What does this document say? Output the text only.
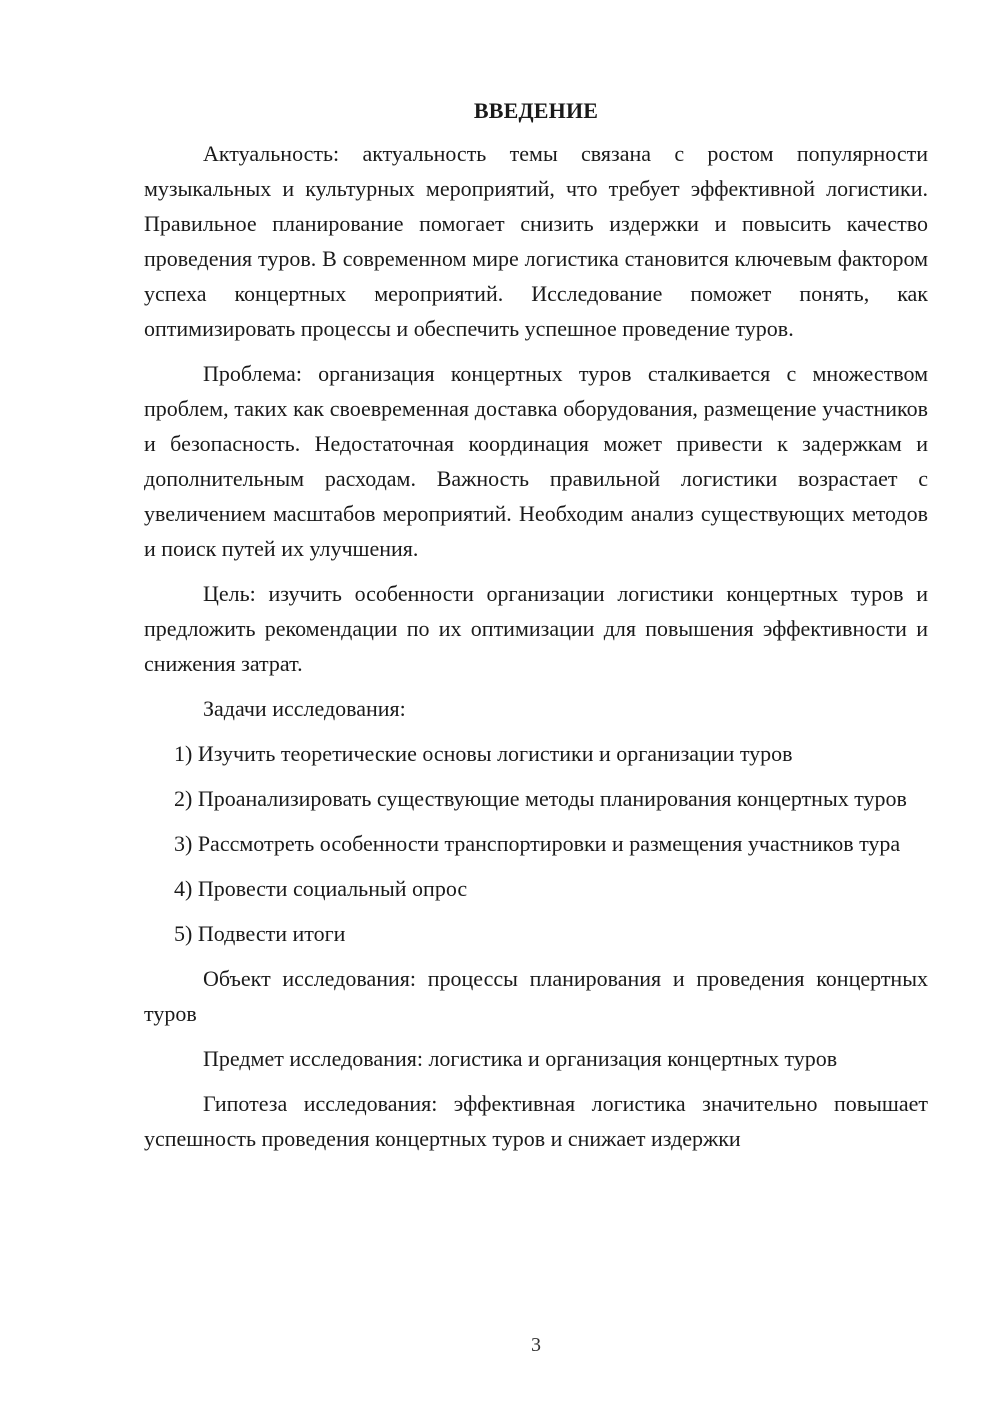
ВВЕДЕНИЕ

Актуальность: актуальность темы связана с ростом популярности музыкальных и культурных мероприятий, что требует эффективной логистики. Правильное планирование помогает снизить издержки и повысить качество проведения туров. В современном мире логистика становится ключевым фактором успеха концертных мероприятий. Исследование поможет понять, как оптимизировать процессы и обеспечить успешное проведение туров.

Проблема: организация концертных туров сталкивается с множеством проблем, таких как своевременная доставка оборудования, размещение участников и безопасность. Недостаточная координация может привести к задержкам и дополнительным расходам. Важность правильной логистики возрастает с увеличением масштабов мероприятий. Необходим анализ существующих методов и поиск путей их улучшения.

Цель: изучить особенности организации логистики концертных туров и предложить рекомендации по их оптимизации для повышения эффективности и снижения затрат.

Задачи исследования:

1) Изучить теоретические основы логистики и организации туров

2) Проанализировать существующие методы планирования концертных туров

3) Рассмотреть особенности транспортировки и размещения участников тура

4) Провести социальный опрос

5) Подвести итоги

Объект исследования: процессы планирования и проведения концертных туров

Предмет исследования: логистика и организация концертных туров

Гипотеза исследования: эффективная логистика значительно повышает успешность проведения концертных туров и снижает издержки

3
